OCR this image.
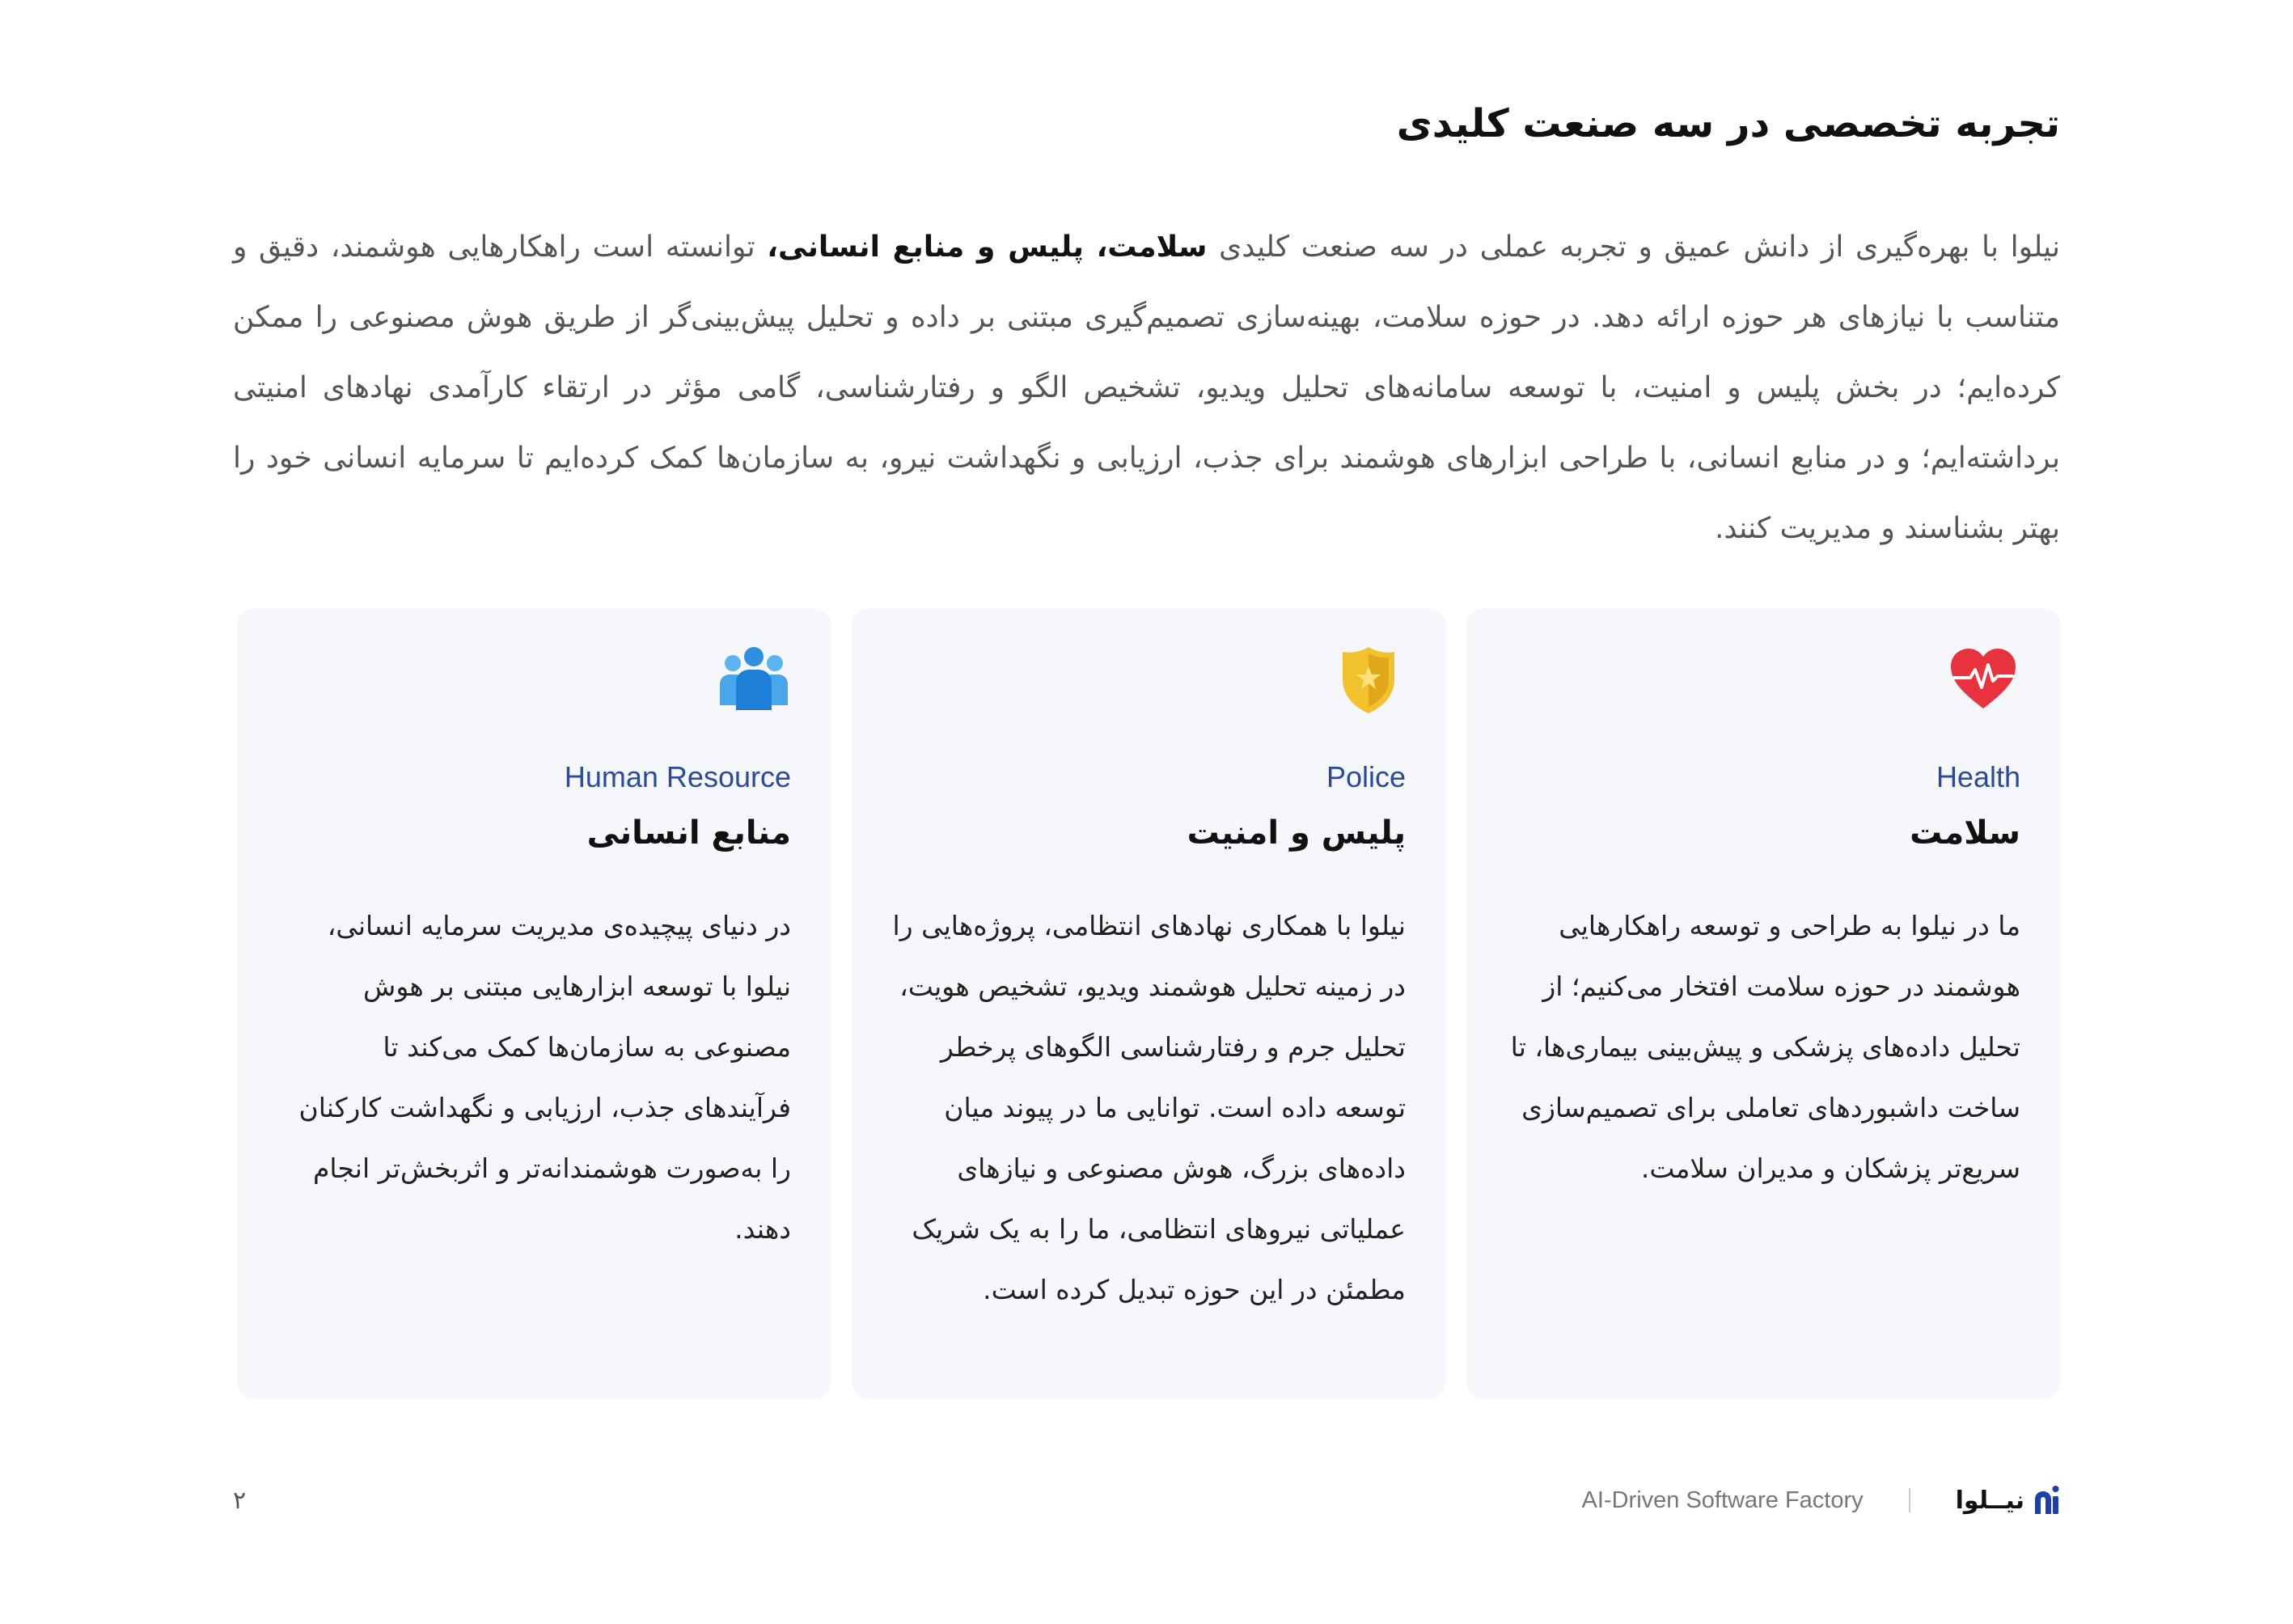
تجربه تخصصی در سه صنعت کلیدی

نیلوا با بهره‌گیری از دانش عمیق و تجربه عملی در سه صنعت کلیدی سلامت، پلیس و منابع انسانی، توانسته است راهکارهایی هوشمند، دقیق و متناسب با نیازهای هر حوزه ارائه دهد. در حوزه سلامت، بهینه‌سازی تصمیم‌گیری مبتنی بر داده و تحلیل پیش‌بینی‌گر از طریق هوش مصنوعی را ممکن کرده‌ایم؛ در بخش پلیس و امنیت، با توسعه سامانه‌های تحلیل ویدیو، تشخیص الگو و رفتارشناسی، گامی مؤثر در ارتقاء کارآمدی نهادهای امنیتی برداشته‌ایم؛ و در منابع انسانی، با طراحی ابزارهای هوشمند برای جذب، ارزیابی و نگهداشت نیرو، به سازمان‌ها کمک کرده‌ایم تا سرمایه انسانی خود را بهتر بشناسند و مدیریت کنند.

Health
سلامت
ما در نیلوا به طراحی و توسعه راهکارهایی هوشمند در حوزه سلامت افتخار می‌کنیم؛ از تحلیل داده‌های پزشکی و پیش‌بینی بیماری‌ها، تا ساخت داشبوردهای تعاملی برای تصمیم‌سازی سریع‌تر پزشکان و مدیران سلامت.
Police
پلیس و امنیت
نیلوا با همکاری نهادهای انتظامی، پروژه‌هایی را در زمینه تحلیل هوشمند ویدیو، تشخیص هویت، تحلیل جرم و رفتارشناسی الگوهای پرخطر توسعه داده است. توانایی ما در پیوند میان داده‌های بزرگ، هوش مصنوعی و نیازهای عملیاتی نیروهای انتظامی، ما را به یک شریک مطمئن در این حوزه تبدیل کرده است.
Human Resource
منابع انسانی
در دنیای پیچیده‌ی مدیریت سرمایه انسانی، نیلوا با توسعه ابزارهایی مبتنی بر هوش مصنوعی به سازمان‌ها کمک می‌کند تا فرآیندهای جذب، ارزیابی و نگهداشت کارکنان را به‌صورت هوشمندانه‌تر و اثربخش‌تر انجام دهند.
۲	نیــلوا
AI-Driven Software Factory
